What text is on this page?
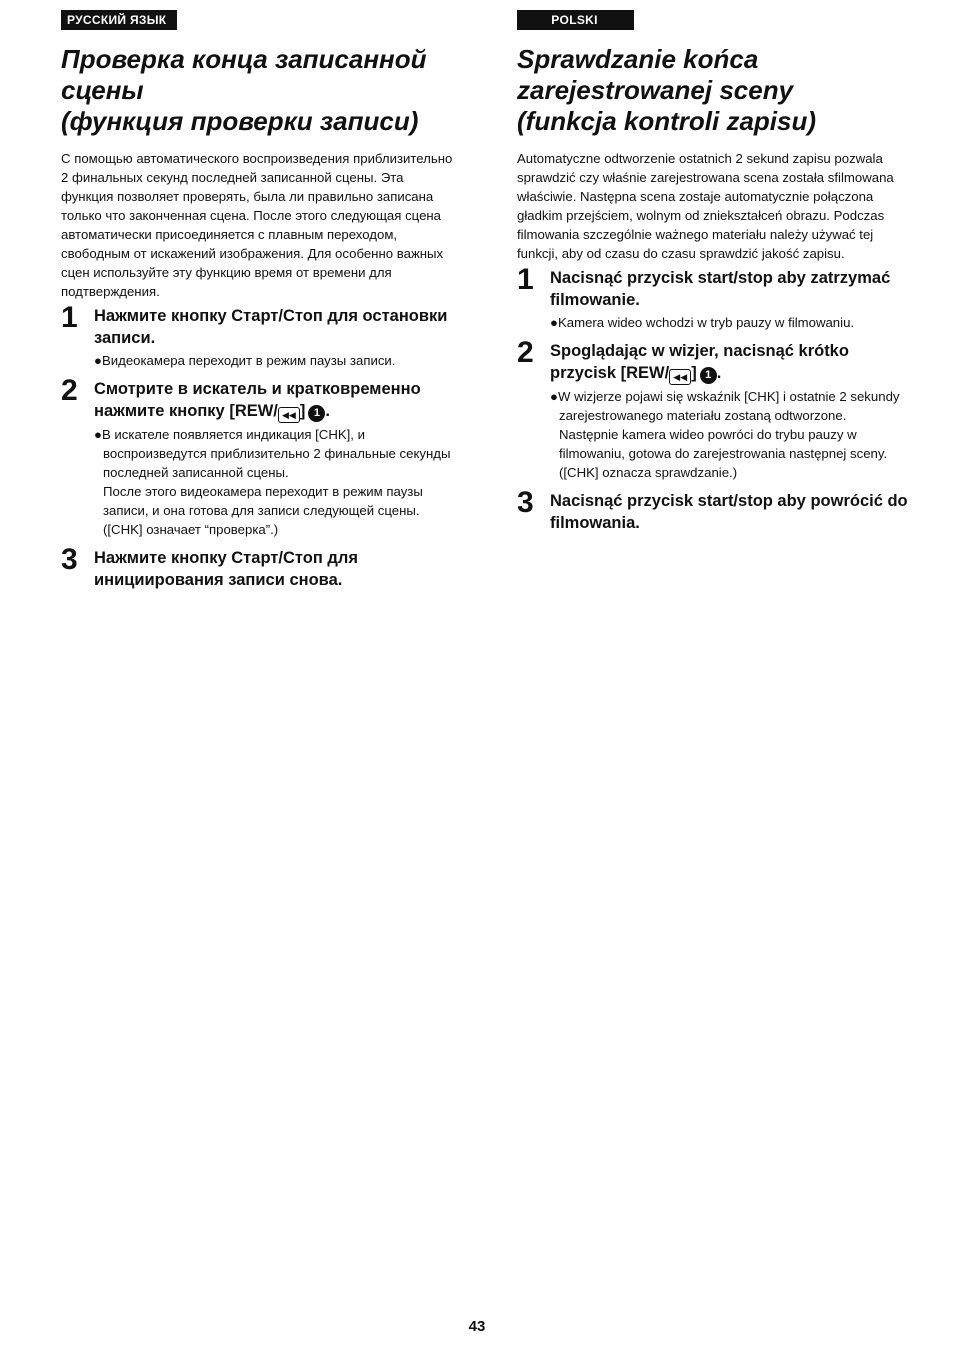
РУССКИЙ ЯЗЫК
Проверка конца записанной
сцены
(функция проверки записи)

С помощью автоматического воспроизведения приблизительно 2 финальных секунд последней записанной сцены. Эта функция позволяет проверять, была ли правильно записана только что законченная сцена. После этого следующая сцена автоматически присоединяется с плавным переходом, свободным от искажений изображения. Для особенно важных сцен используйте эту функцию время от времени для подтверждения.

1 Нажмите кнопку Старт/Стоп для остановки записи.

●Видеокамера переходит в режим паузы записи.
2 Смотрите в искатель и кратковременно нажмите кнопку [REW/ ◀◀ ] 1 .

●В искателе появляется индикация [CHK], и воспроизведутся приблизительно 2 финальные секунды последней записанной сцены.
После этого видеокамера переходит в режим паузы записи, и она готова для записи следующей сцены.
([CHK] означает “проверка”.)
3 Нажмите кнопку Старт/Стоп для инициирования записи снова.

POLSKI
Sprawdzanie końca
zarejestrowanej sceny
(funkcja kontroli zapisu)

Automatyczne odtworzenie ostatnich 2 sekund zapisu pozwala sprawdzić czy właśnie zarejestrowana scena została sfilmowana właściwie. Następna scena zostaje automatycznie połączona gładkim przejściem, wolnym od zniekształceń obrazu. Podczas filmowania szczególnie ważnego materiału należy używać tej funkcji, aby od czasu do czasu sprawdzić jakość zapisu.

1 Nacisnąć przycisk start/stop aby zatrzymać filmowanie.

●Kamera wideo wchodzi w tryb pauzy w filmowaniu.
2 Spoglądając w wizjer, nacisnąć krótko przycisk [REW/ ◀◀ ] 1 .

●W wizjerze pojawi się wskaźnik [CHK] i ostatnie 2 sekundy zarejestrowanego materiału zostaną odtworzone.
Następnie kamera wideo powróci do trybu pauzy w filmowaniu, gotowa do zarejestrowania następnej sceny.
([CHK] oznacza sprawdzanie.)
3 Nacisnąć przycisk start/stop aby powrócić do filmowania.

43
